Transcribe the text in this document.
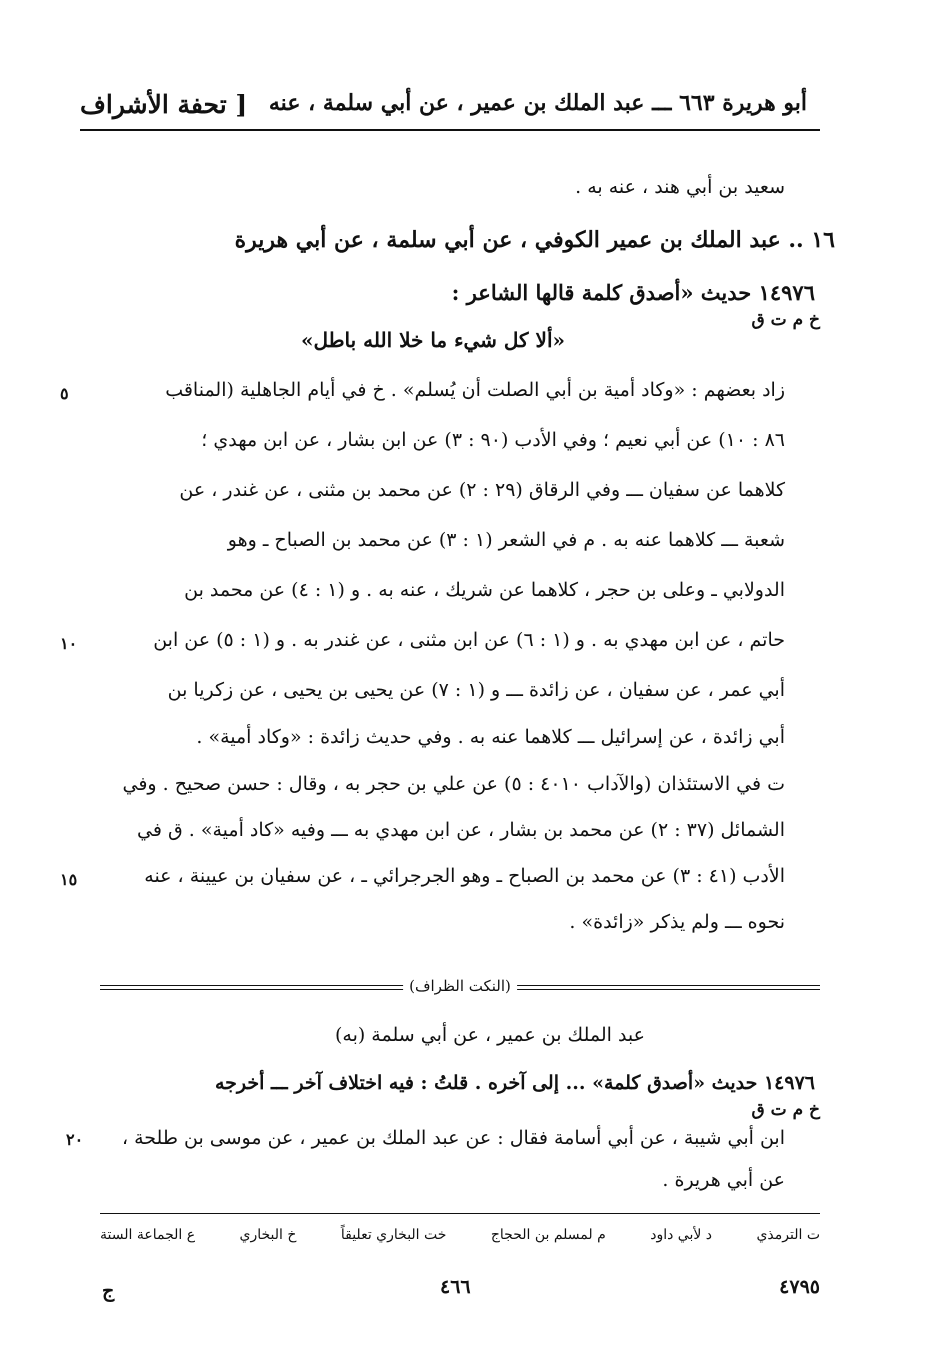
أبو هريرة ٦٦٣ ـــ عبد الملك بن عمير ، عن أبي سلمة ، عنه
[ تحفة الأشراف
سعيد بن أبي هند ، عنه به .
١٦ .. عبد الملك بن عمير الكوفي ، عن أبي سلمة ، عن أبي هريرة
١٤٩٧٦ حديث «أصدق كلمة قالها الشاعر :
خ م ت ق
«ألا كل شيء ما خلا الله باطل»
زاد بعضهم : «وكاد أمية بن أبي الصلت أن يُسلم» . خ في أيام الجاهلية (المناقب
٨٦ : ١٠) عن أبي نعيم ؛ وفي الأدب (٩٠ : ٣) عن ابن بشار ، عن ابن مهدي ؛
كلاهما عن سفيان ـــ وفي الرقاق (٢٩ : ٢) عن محمد بن مثنى ، عن غندر ، عن
شعبة ـــ كلاهما عنه به . م في الشعر (١ : ٣) عن محمد بن الصباح ـ وهو
الدولابي ـ وعلى بن حجر ، كلاهما عن شريك ، عنه به . و (١ : ٤) عن محمد بن
حاتم ، عن ابن مهدي به . و (١ : ٦) عن ابن مثنى ، عن غندر به . و (١ : ٥) عن ابن
أبي عمر ، عن سفيان ، عن زائدة ـــ و (١ : ٧) عن يحيى بن يحيى ، عن زكريا بن
أبي زائدة ، عن إسرائيل ـــ كلاهما عنه به . وفي حديث زائدة : «وكاد أمية» .
ت في الاستئذان (والآداب ٤٠١٠ : ٥) عن علي بن حجر به ، وقال : حسن صحيح . وفي
الشمائل (٣٧ : ٢) عن محمد بن بشار ، عن ابن مهدي به ـــ وفيه «كاد أمية» . ق في
الأدب (٤١ : ٣) عن محمد بن الصباح ـ وهو الجرجرائي ـ ، عن سفيان بن عيينة ، عنه
نحوه ـــ ولم يذكر «زائدة» .
٥
١٠
١٥
(النكت الظراف)
عبد الملك بن عمير ، عن أبي سلمة (به)
١٤٩٧٦ حديث «أصدق كلمة» ... إلى آخره . قلتُ : فيه اختلاف آخر ـــ أخرجه
خ م ت ق
ابن أبي شيبة ، عن أبي أسامة فقال : عن عبد الملك بن عمير ، عن موسى بن طلحة ،
عن أبي هريرة .
٢٠
ع الجماعة الستة	خ البخاري	خت البخاري تعليقاً	م لمسلم بن الحجاج	د لأبي داود	ت الترمذي
٤٧٩٥
٤٦٦
ج
